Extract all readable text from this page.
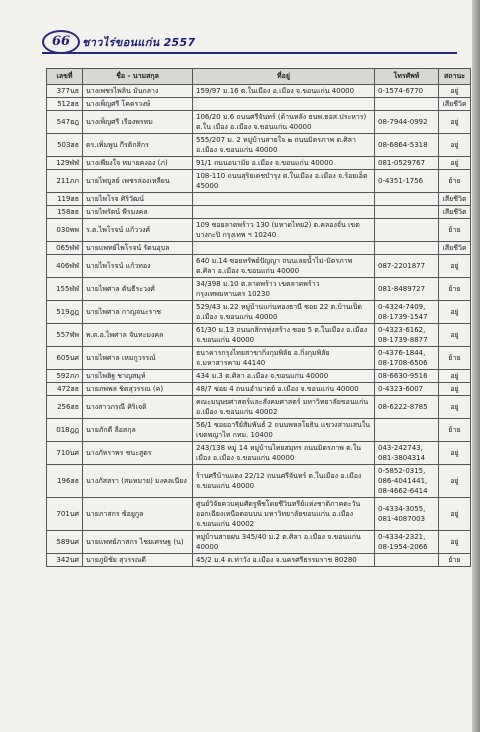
66	ชาวไร่ขอนแก่น 2557
เลขที่	ชื่อ - นามสกุล	ที่อยู่	โทรศัพท์	สถานะ
377นธ	นางเพชรไพลิน มันกลาง	159/97 ม.16 ต.ในเมือง อ.เมือง จ.ขอนแก่น 40000	0-1574-6770	อยู่
512ฮธ	นางเพ็ญศรี โคตรวงษ์			เสียชีวิต
547ฮฎ	นางเพ็ญศรี เรืองพรหม	106/20 ม.6 ถนนศรีจันทร์ (ด้านหลัง ธนพ.ธอส.ประหาร) ต.ใน เมือง อ.เมือง จ.ขอนแก่น 40000	08-7944-0992	อยู่
503ฮธ	ดร.เพิ่มพูน กีรติกสิกร	555/207 ม. 2 หมู่บ้านสายใจ ๒ ถนนมิตรภาพ ต.ศิลา อ.เมือง จ.ขอนแก่น 40000	08-6864-5318	อยู่
129ฬฬ	นางเพียงใจ หมายคงอง (ภ)	91/1 ถนนอนามัย อ.เมือง จ.ขอนแก่น 40000	081-0529767	อยู่
211ภภ	นายไพบูลย์ เพชรล่องเหลียน	108-110 ถนนสุริยเดชบำรุง ต.ในเมือง อ.เมือง จ.ร้อยเอ็ด 45000	0-4351-1756	ย้าย
119ฮธ	นายไพโรจ ศิริวัฒน์			เสียชีวิต
158ฮธ	นายไพรัตน์ พีรมงคล			เสียชีวิต
030พพ	ร.ต.ไพโรจน์ แก้ววงศ์	109 ซอยลาดพร้าว 130 (มหาดไทย2) ต.คลองจั่น เขต บางกะปิ กรุงเทพ ฯ 10240		ย้าย
065ฬฬ	นายแพทย์ไพโรจน์ รัตนอุบล			เสียชีวิต
406ฬฬ	นายไพโรจน์ แก้วทอง	640 ม.14 ซอยทรัพย์ปัญญา ถนนเลยน้ำไม่-มิตรภาพ ต.ศิลา อ.เมือง จ.ขอนแก่น 40000	087-2201877	อยู่
155ฬฬ	นายไพศาล ตันธีระวงศ์	34/398 ม.10 ต.ลาดพร้าว เขตลาดพร้าว กรุงเทพมหานคร 10230	081-8489727	ย้าย
519ฎฎ	นายไพศาล กาญจนะราช	529/43 ม.22 หมู่บ้านแก่นทองธานี ซอย 22 ต.บ้านเป็ด อ.เมือง จ.ขอนแก่น 40000	0-4324-7409,
08-1739-1547	อยู่
557ฬพ	พ.ต.อ.ไพศาล จันทะมงคล	61/30 ม.13 ถนนกสิกรทุ่งสร้าง ซอย 5 ต.ในเมือง อ.เมือง จ.ขอนแก่น 40000	0-4323-6162,
08-1739-8877	อยู่
605นศ	นายไพศาล เหมกูวรรณ์	ธนาคารกรุงไทยสาขากิ่งกุมพิลัย อ.กิ่งกุมพิลัย จ.มหาสารคาม 44140	0-4376-1844,
08-1708-6506	ย้าย
592ภภ	นายไพฮิฐ ชาญสมุห์	434 ม.3 ต.ศิลา อ.เมือง จ.ขอนแก่น 40000	08-6630-9516	อยู่
472ฮธ	นายภพพล ชิตสุวรรณ (ค)	48/7 ซอย 4 ถนนอำมาตย์ อ.เมือง จ.ขอนแก่น 40000	0-4323-6007	อยู่
256ฮธ	นางสาวภรณี ศิริเจติ	คณะมนุษยศาสตร์และสังคมศาสตร์ มหาวิทยาลัยขอนแก่น อ.เมือง จ.ขอนแก่น 40002	08-6222-8785	อยู่
018ฎฎ	นายภักดี ลือสกุล	56/1 ซอยอารีย์สัมพันธ์ 2 ถนนพหลโยธิน แขวงสามเสนใน เขตพญาไท กทม. 10400		ย้าย
710นศ	นางภัทราพร ชนะสูตร	243/138 หมู่ 14 หมู่บ้านไทยสมุทร ถนนมิตรภาพ ต.ในเมือง อ.เมือง จ.ขอนแก่น 40000	043-242743,
081-3804314	อยู่
196ฮธ	นางภัสสรา (สมหมาย) มงคลเนียง	ร้านศรีบ้านแดง 22/12 ถนนศรีจันทร์ ต.ในเมือง อ.เมือง จ.ขอนแก่น 40000	0-5852-0315,
086-4041441,
08-4662-6414	อยู่
701นศ	นายภาสกร ซ้อยูกูล	ศูนย์วิจัยควบคุมศัตรูพืชโดยชีวินทรีย์แห่งชาติภาคตะวันออกเฉียงเหนือตอนบน มหาวิทยาลัยขอนแก่น อ.เมือง จ.ขอนแก่น 40002	0-4334-3055,
081-4087003	อยู่
589นศ	นายแพทย์ภาสกร ไชยเศรษฐ (น)	หมู่บ้านสายฝน 345/40 ม.2 ต.ศิลา อ.เมือง จ.ขอนแก่น 40000	0-4334-2321,
08-1954-2066	อยู่
342นศ	นายภูมิชัย สุวรรณดี	45/2 ม.4 ต.ท่าวัง อ.เมือง จ.นครศรีธรรมราช 80280		ย้าย
